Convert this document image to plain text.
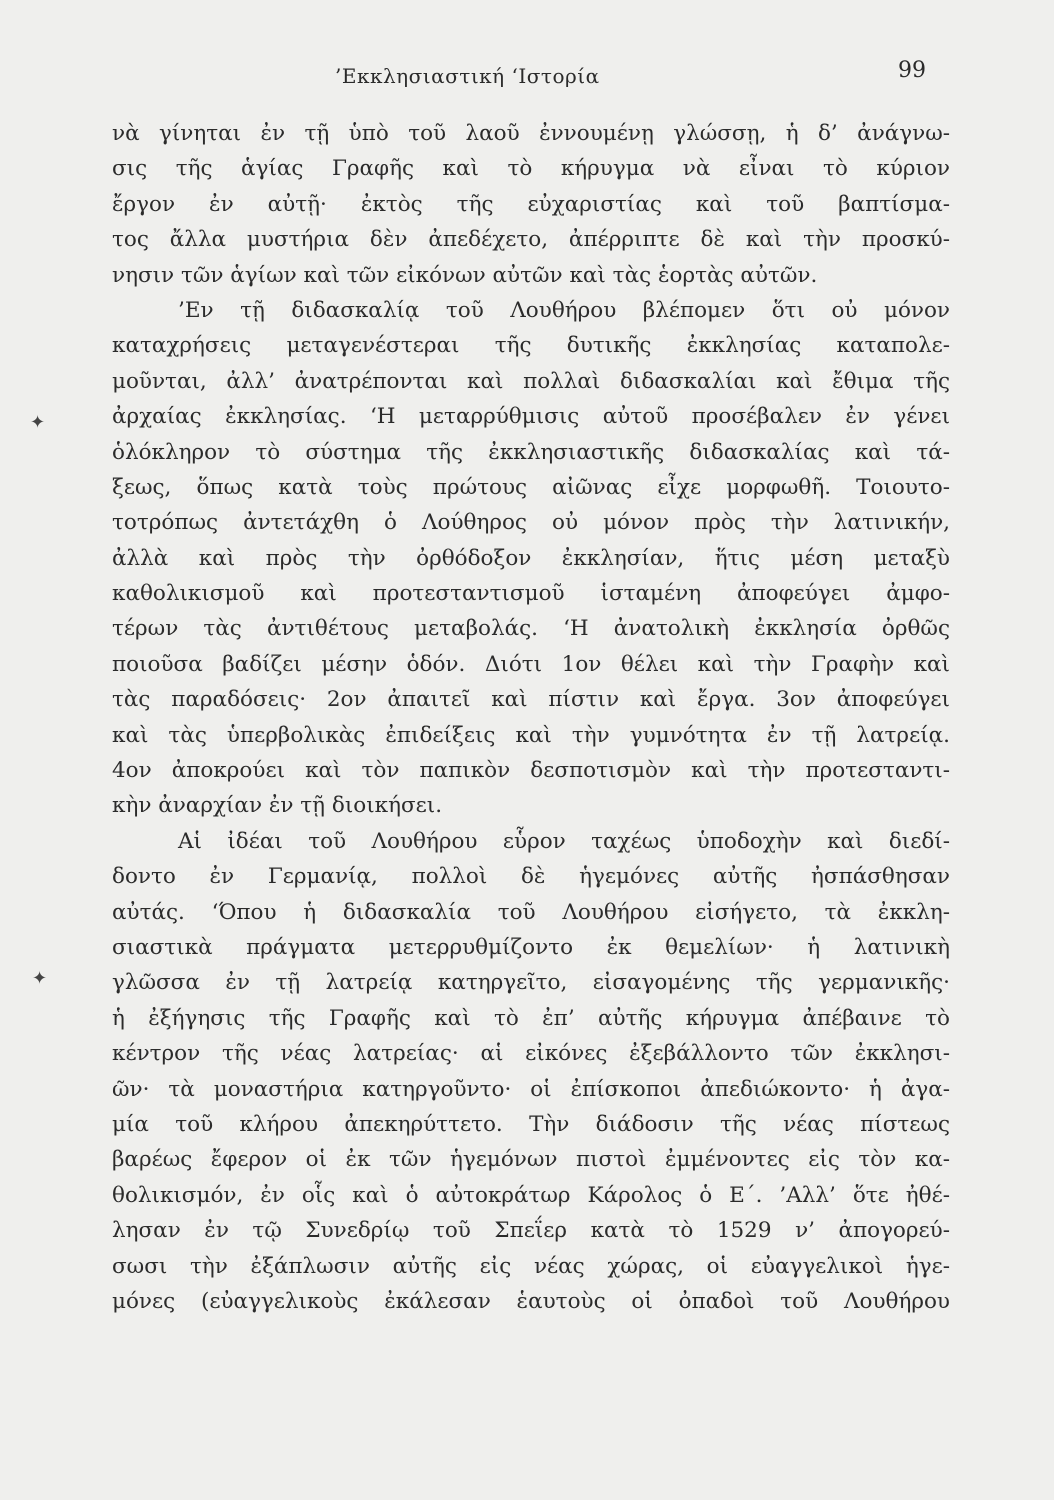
’Εκκλησιαστική ‘Ιστορία	99
✦
✦
νὰ γίνηται ἐν τῇ ὑπὸ τοῦ λαοῦ ἐννουμένῃ γλώσσῃ, ἡ δ’ ἀνάγνω-
σις τῆς ἁγίας Γραφῆς καὶ τὸ κήρυγμα νὰ εἶναι τὸ κύριον
ἔργον ἐν αὐτῇ· ἐκτὸς τῆς εὐχαριστίας καὶ τοῦ βαπτίσμα-
τος ἄλλα μυστήρια δὲν ἀπεδέχετο, ἀπέρριπτε δὲ καὶ τὴν προσκύ-
νησιν τῶν ἁγίων καὶ τῶν εἰκόνων αὐτῶν καὶ τὰς ἑορτὰς αὐτῶν.
’Εν τῇ διδασκαλίᾳ τοῦ Λουθήρου βλέπομεν ὅτι οὐ μόνον
καταχρήσεις μεταγενέστεραι τῆς δυτικῆς ἐκκλησίας καταπολε-
μοῦνται, ἀλλ’ ἀνατρέπονται καὶ πολλαὶ διδασκαλίαι καὶ ἔθιμα τῆς
ἀρχαίας ἐκκλησίας. ‘Η μεταρρύθμισις αὐτοῦ προσέβαλεν ἐν γένει
ὁλόκληρον τὸ σύστημα τῆς ἐκκλησιαστικῆς διδασκαλίας καὶ τά-
ξεως, ὅπως κατὰ τοὺς πρώτους αἰῶνας εἶχε μορφωθῆ. Τοιουτο-
τοτρόπως ἀντετάχθη ὁ Λούθηρος οὐ μόνον πρὸς τὴν λατινικήν,
ἀλλὰ καὶ πρὸς τὴν ὀρθόδοξον ἐκκλησίαν, ἥτις μέση μεταξὺ
καθολικισμοῦ καὶ προτεσταντισμοῦ ἱσταμένη ἀποφεύγει ἀμφο-
τέρων τὰς ἀντιθέτους μεταβολάς. ‘Η ἀνατολικὴ ἐκκλησία ὀρθῶς
ποιοῦσα βαδίζει μέσην ὁδόν. Διότι 1ον θέλει καὶ τὴν Γραφὴν καὶ
τὰς παραδόσεις· 2ον ἀπαιτεῖ καὶ πίστιν καὶ ἔργα. 3ον ἀποφεύγει
καὶ τὰς ὑπερβολικὰς ἐπιδείξεις καὶ τὴν γυμνότητα ἐν τῇ λατρείᾳ.
4ον ἀποκρούει καὶ τὸν παπικὸν δεσποτισμὸν καὶ τὴν προτεσταντι-
κὴν ἀναρχίαν ἐν τῇ διοικήσει.
Αἱ ἰδέαι τοῦ Λουθήρου εὗρον ταχέως ὑποδοχὴν καὶ διεδί-
δοντο ἐν Γερμανίᾳ, πολλοὶ δὲ ἡγεμόνες αὐτῆς ἠσπάσθησαν
αὐτάς. ‘Όπου ἡ διδασκαλία τοῦ Λουθήρου εἰσήγετο, τὰ ἐκκλη-
σιαστικὰ πράγματα μετερρυθμίζοντο ἐκ θεμελίων· ἡ λατινικὴ
γλῶσσα ἐν τῇ λατρείᾳ κατηργεῖτο, εἰσαγομένης τῆς γερμανικῆς·
ἡ ἐξήγησις τῆς Γραφῆς καὶ τὸ ἐπ’ αὐτῆς κήρυγμα ἀπέβαινε τὸ
κέντρον τῆς νέας λατρείας· αἱ εἰκόνες ἐξεβάλλοντο τῶν ἐκκλησι-
ῶν· τὰ μοναστήρια κατηργοῦντο· οἱ ἐπίσκοποι ἀπεδιώκοντο· ἡ ἀγα-
μία τοῦ κλήρου ἀπεκηρύττετο. Τὴν διάδοσιν τῆς νέας πίστεως
βαρέως ἔφερον οἱ ἐκ τῶν ἡγεμόνων πιστοὶ ἐμμένοντες εἰς τὸν κα-
θολικισμόν, ἐν οἷς καὶ ὁ αὐτοκράτωρ Κάρολος ὁ Ε΄. ’Αλλ’ ὅτε ἠθέ-
λησαν ἐν τῷ Συνεδρίῳ τοῦ Σπεΐερ κατὰ τὸ 1529 ν’ ἀπογορεύ-
σωσι τὴν ἐξάπλωσιν αὐτῆς εἰς νέας χώρας, οἱ εὐαγγελικοὶ ἡγε-
μόνες (εὐαγγελικοὺς ἐκάλεσαν ἑαυτοὺς οἱ ὀπαδοὶ τοῦ Λουθήρου
